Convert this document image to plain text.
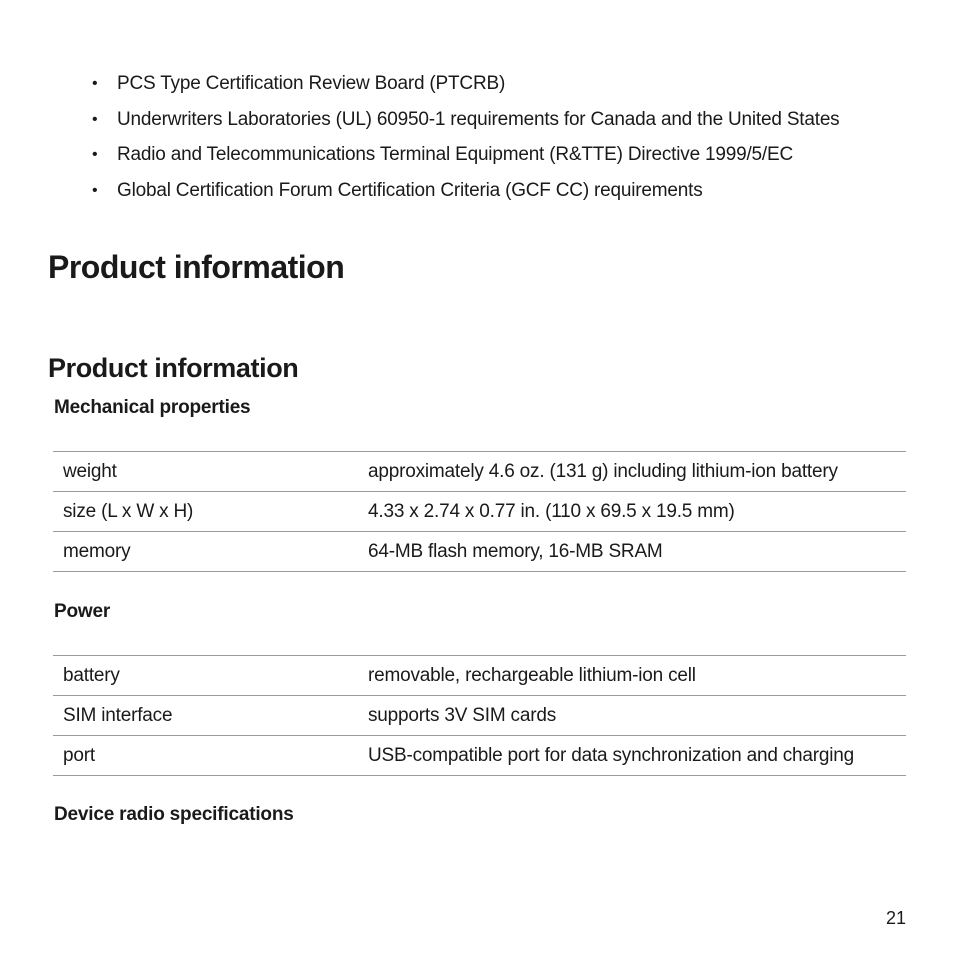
• PCS Type Certification Review Board (PTCRB)
• Underwriters Laboratories (UL) 60950-1 requirements for Canada and the United States
• Radio and Telecommunications Terminal Equipment (R&TTE) Directive 1999/5/EC
• Global Certification Forum Certification Criteria (GCF CC) requirements
Product information
Product information
Mechanical properties
weight	approximately 4.6 oz. (131 g) including lithium-ion battery
size (L x W x H)	4.33 x 2.74 x 0.77 in. (110 x 69.5 x 19.5 mm)
memory	64-MB flash memory, 16-MB SRAM
Power
battery	removable, rechargeable lithium-ion cell
SIM interface	supports 3V SIM cards
port	USB-compatible port for data synchronization and charging
Device radio specifications
21
